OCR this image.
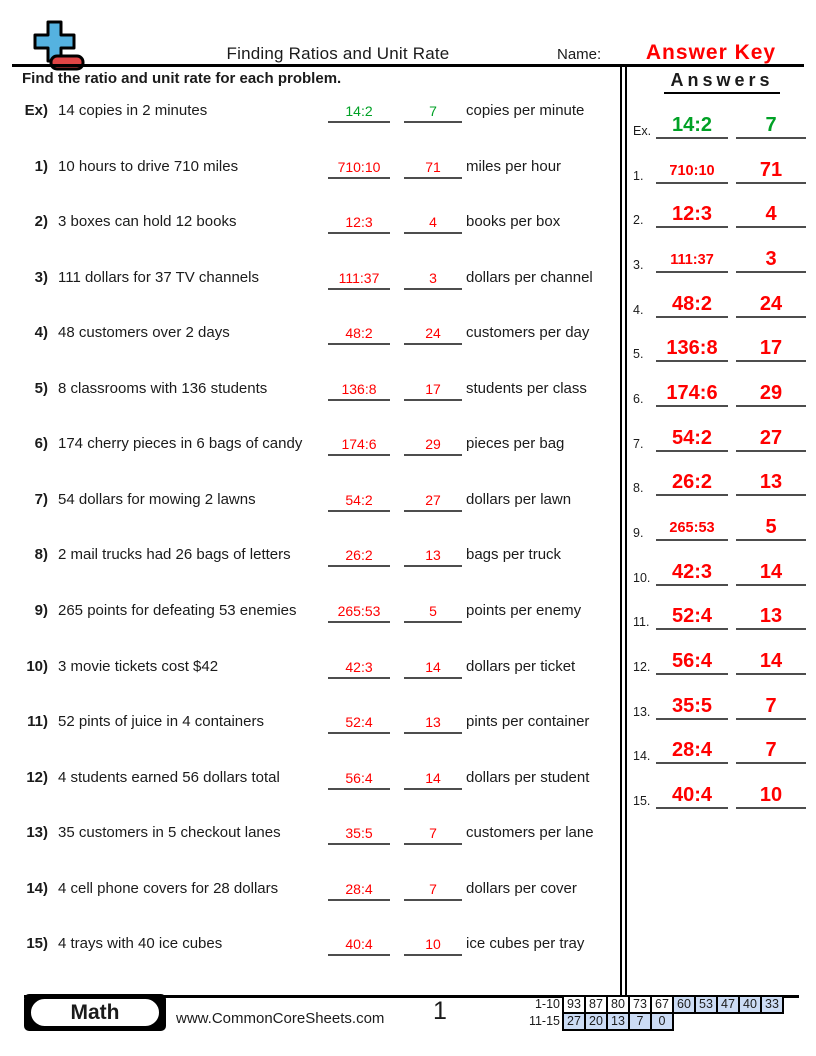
Finding Ratios and Unit Rate	Name:	Answer Key
Find the ratio and unit rate for each problem.
Ex) 14 copies in 2 minutes	14:2	7 copies per minute
1) 10 hours to drive 710 miles	710:10	71 miles per hour
2) 3 boxes can hold 12 books	12:3	4 books per box
3) 111 dollars for 37 TV channels	111:37	3 dollars per channel
4) 48 customers over 2 days	48:2	24 customers per day
5) 8 classrooms with 136 students	136:8	17 students per class
6) 174 cherry pieces in 6 bags of candy	174:6	29 pieces per bag
7) 54 dollars for mowing 2 lawns	54:2	27 dollars per lawn
8) 2 mail trucks had 26 bags of letters	26:2	13 bags per truck
9) 265 points for defeating 53 enemies	265:53	5 points per enemy
10) 3 movie tickets cost $42	42:3	14 dollars per ticket
11) 52 pints of juice in 4 containers	52:4	13 pints per container
12) 4 students earned 56 dollars total	56:4	14 dollars per student
13) 35 customers in 5 checkout lanes	35:5	7 customers per lane
14) 4 cell phone covers for 28 dollars	28:4	7 dollars per cover
15) 4 trays with 40 ice cubes	40:4	10 ice cubes per tray
Answers
Ex. 14:2	7
1. 710:10 71
2. 12:3	4
3. 111:37	3
4. 48:2 24
5. 136:8 17
6. 174:6 29
7. 54:2 27
8. 26:2 13
9. 265:53	5
10. 42:3 14
11. 52:4 13
12. 56:4 14
13. 35:5	7
14. 28:4	7
15. 40:4 10
Math	www.CommonCoreSheets.com	1	1-10 93 87 80 73 67 60 53 47 40 33
11-15 27 20 13 7	0
